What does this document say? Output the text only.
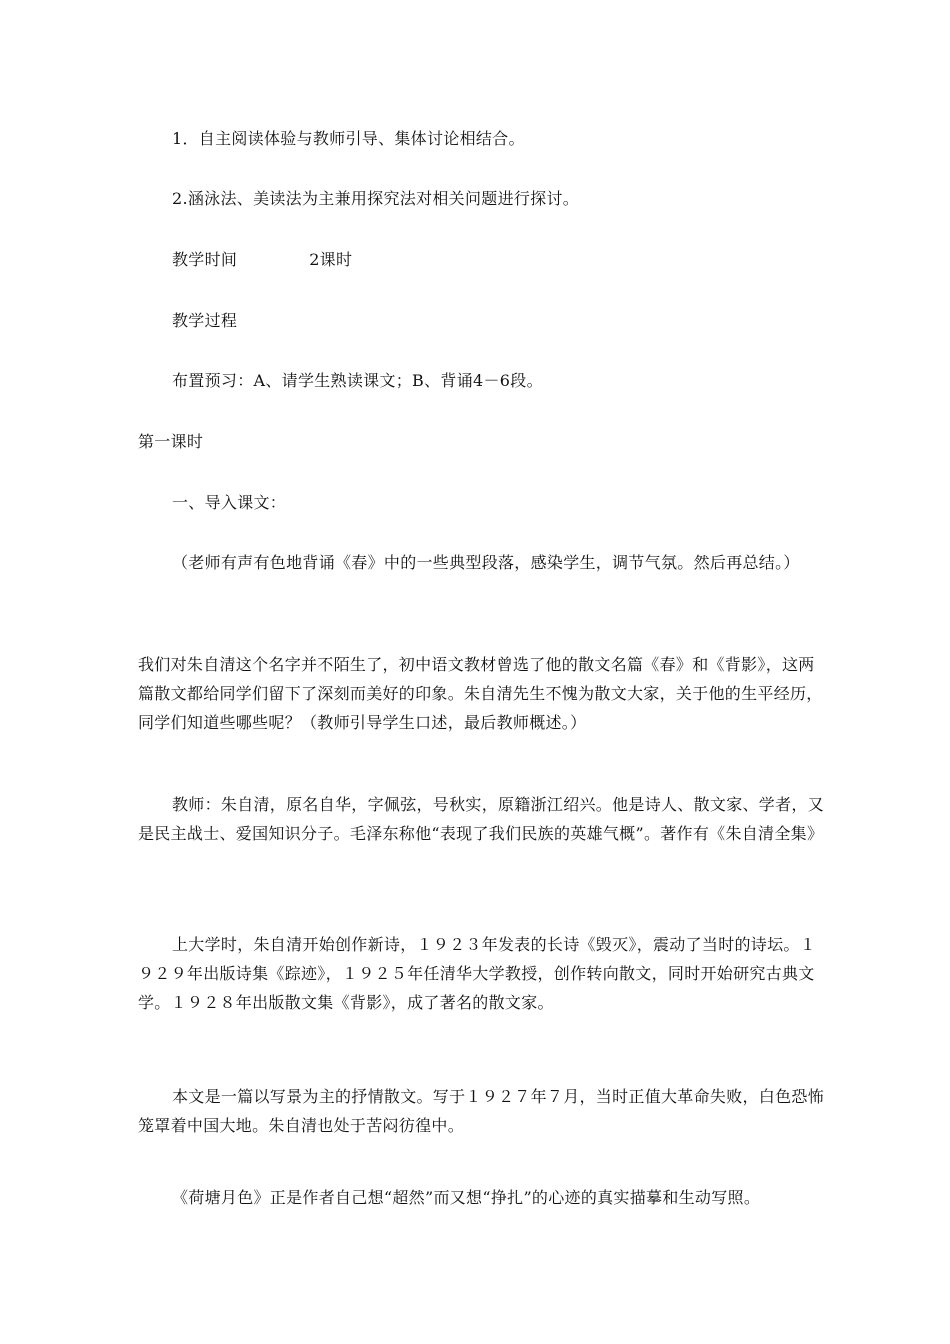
1．自主阅读体验与教师引导、集体讨论相结合。
2.涵泳法、美读法为主兼用探究法对相关问题进行探讨。
教学时间	2课时
教学过程
布置预习：A、请学生熟读课文；B、背诵4－6段。
第一课时
一、导入课文：
（老师有声有色地背诵《春》中的一些典型段落，感染学生，调节气氛。然后再总结。）
我们对朱自清这个名字并不陌生了，初中语文教材曾选了他的散文名篇《春》和《背影》，这两篇散文都给同学们留下了深刻而美好的印象。朱自清先生不愧为散文大家，关于他的生平经历，同学们知道些哪些呢？（教师引导学生口述，最后教师概述。）
教师：朱自清，原名自华，字佩弦，号秋实，原籍浙江绍兴。他是诗人、散文家、学者，又是民主战士、爱国知识分子。毛泽东称他“表现了我们民族的英雄气概”。著作有《朱自清全集》
上大学时，朱自清开始创作新诗，１９２３年发表的长诗《毁灭》，震动了当时的诗坛。１９２９年出版诗集《踪迹》，１９２５年任清华大学教授，创作转向散文，同时开始研究古典文学。１９２８年出版散文集《背影》，成了著名的散文家。
本文是一篇以写景为主的抒情散文。写于１９２７年７月，当时正值大革命失败，白色恐怖笼罩着中国大地。朱自清也处于苦闷彷徨中。
《荷塘月色》正是作者自己想“超然”而又想“挣扎”的心迹的真实描摹和生动写照。
